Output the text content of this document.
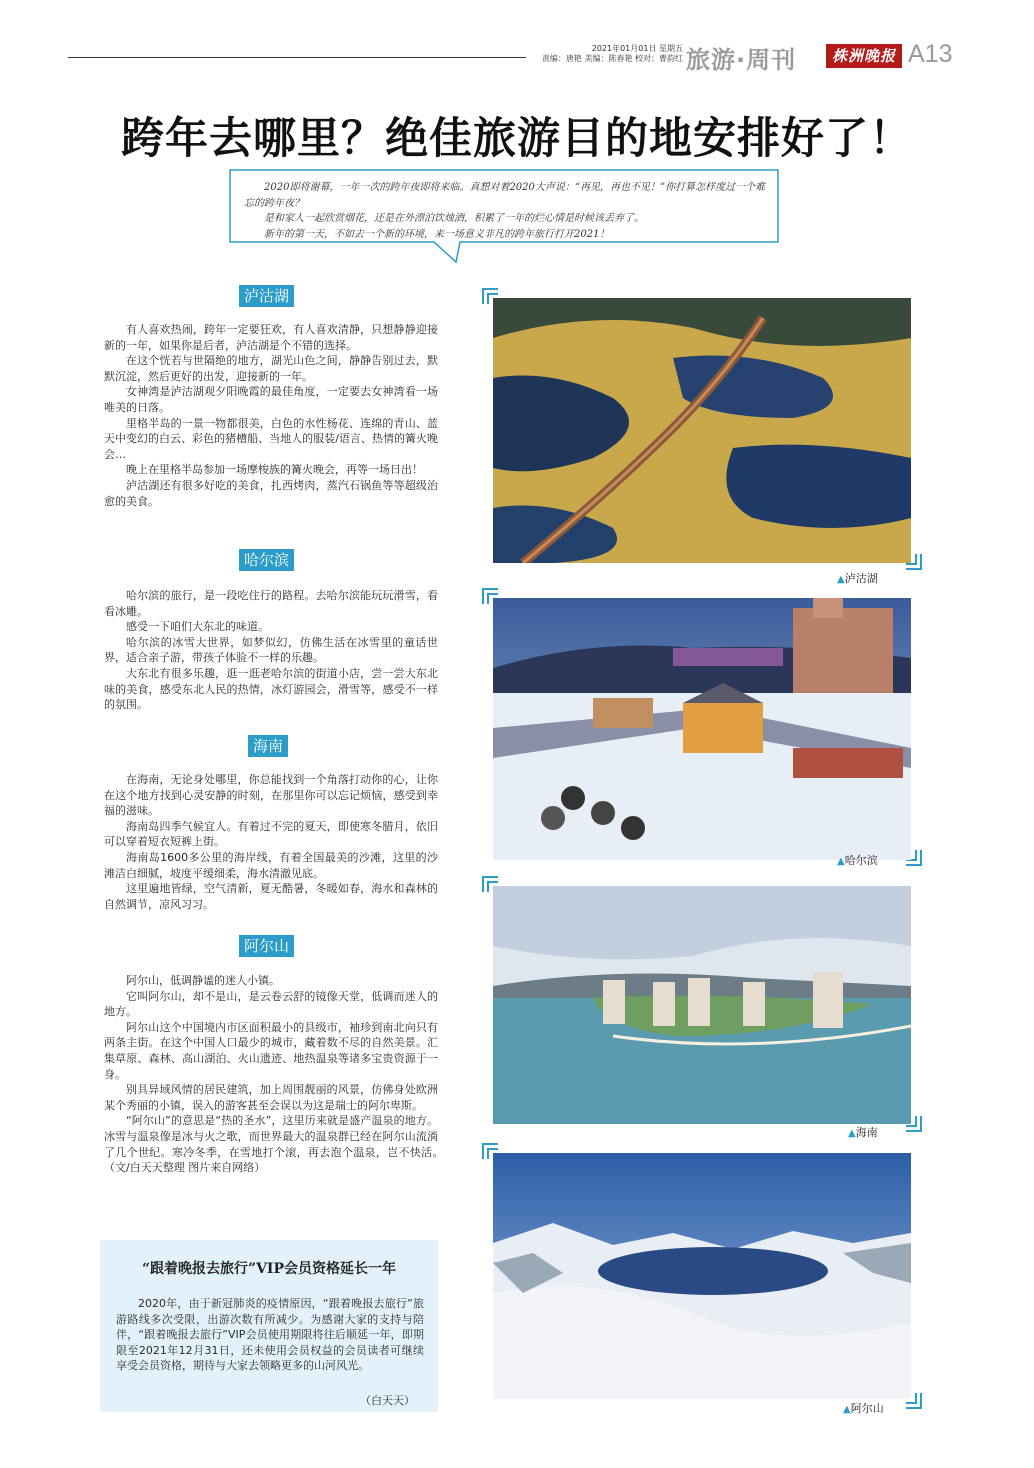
2021年01月01日 星期五
责编：唐艳 美编：陈春艳 校对：曹韵红 旅游·周刊	株洲晚报 A13
跨年去哪里？绝佳旅游目的地安排好了！

2020即将谢幕，一年一次的跨年夜即将来临。真想对着2020大声说：“再见，再也不见！”你打算怎样度过一个难忘的跨年夜？

是和家人一起欣赏烟花，还是在外漂泊饮烛酒，积累了一年的烂心情是时候该丢弃了。

新年的第一天，不如去一个新的环境，来一场意义非凡的跨年旅行打开2021！

泸沽湖
哈尔滨
海南
阿尔山

有人喜欢热闹，跨年一定要狂欢，有人喜欢清静，只想静静迎接新的一年，如果你是后者，泸沽湖是个不错的选择。

在这个恍若与世隔绝的地方，湖光山色之间，静静告别过去，默默沉淀，然后更好的出发，迎接新的一年。

女神湾是泸沽湖观夕阳晚霞的最佳角度，一定要去女神湾看一场唯美的日落。

里格半岛的一景一物都很美，白色的水性杨花、连绵的青山、蓝天中变幻的白云、彩色的猪槽船、当地人的服装/语言、热情的篝火晚会…

晚上在里格半岛参加一场摩梭族的篝火晚会，再等一场日出！

泸沽湖还有很多好吃的美食，扎西烤肉，蒸汽石锅鱼等等超级治愈的美食。

哈尔滨的旅行，是一段吃住行的路程。去哈尔滨能玩玩滑雪，看看冰雕。

感受一下咱们大东北的味道。

哈尔滨的冰雪大世界，如梦似幻，仿佛生活在冰雪里的童话世界，适合亲子游，带孩子体验不一样的乐趣。

大东北有很多乐趣，逛一逛老哈尔滨的街道小店，尝一尝大东北味的美食，感受东北人民的热情，冰灯游园会，滑雪等，感受不一样的氛围。

在海南，无论身处哪里，你总能找到一个角落打动你的心，让你在这个地方找到心灵安静的时刻，在那里你可以忘记烦恼，感受到幸福的滋味。

海南岛四季气候宜人。有着过不完的夏天，即使寒冬腊月，依旧可以穿着短衣短裤上街。

海南岛1600多公里的海岸线，有着全国最美的沙滩，这里的沙滩洁白细腻，坡度平缓细柔，海水清澈见底。

这里遍地皆绿，空气清新，夏无酷暑，冬暖如春，海水和森林的自然调节，凉风习习。

阿尔山，低调静谧的迷人小镇。

它叫阿尔山，却不是山，是云卷云舒的镜像天堂，低调而迷人的地方。

阿尔山这个中国境内市区面积最小的县级市，袖珍到南北向只有两条主街。在这个中国人口最少的城市，藏着数不尽的自然美景。汇集草原、森林、高山湖泊、火山遗迹、地热温泉等诸多宝贵资源于一身。

别具异域风情的居民建筑，加上周围靓丽的风景，仿佛身处欧洲某个秀丽的小镇，误入的游客甚至会误以为这是瑞士的阿尔卑斯。

“阿尔山”的意思是“热的圣水”，这里历来就是盛产温泉的地方。冰雪与温泉像是冰与火之歌，而世界最大的温泉群已经在阿尔山流淌了几个世纪。寒冷冬季，在雪地打个滚，再去泡个温泉，岂不快活。　（文/白天天整理 图片来自网络）

“跟着晚报去旅行”VIP会员资格延长一年

2020年，由于新冠肺炎的疫情原因，“跟着晚报去旅行”旅游路线多次受限，出游次数有所减少。为感谢大家的支持与陪伴，“跟着晚报去旅行”VIP会员使用期限将往后顺延一年，即期限至2021年12月31日，还未使用会员权益的会员读者可继续享受会员资格，期待与大家去领略更多的山河风光。

（白天天）
▲泸沽湖
▲哈尔滨
▲海南
▲阿尔山
